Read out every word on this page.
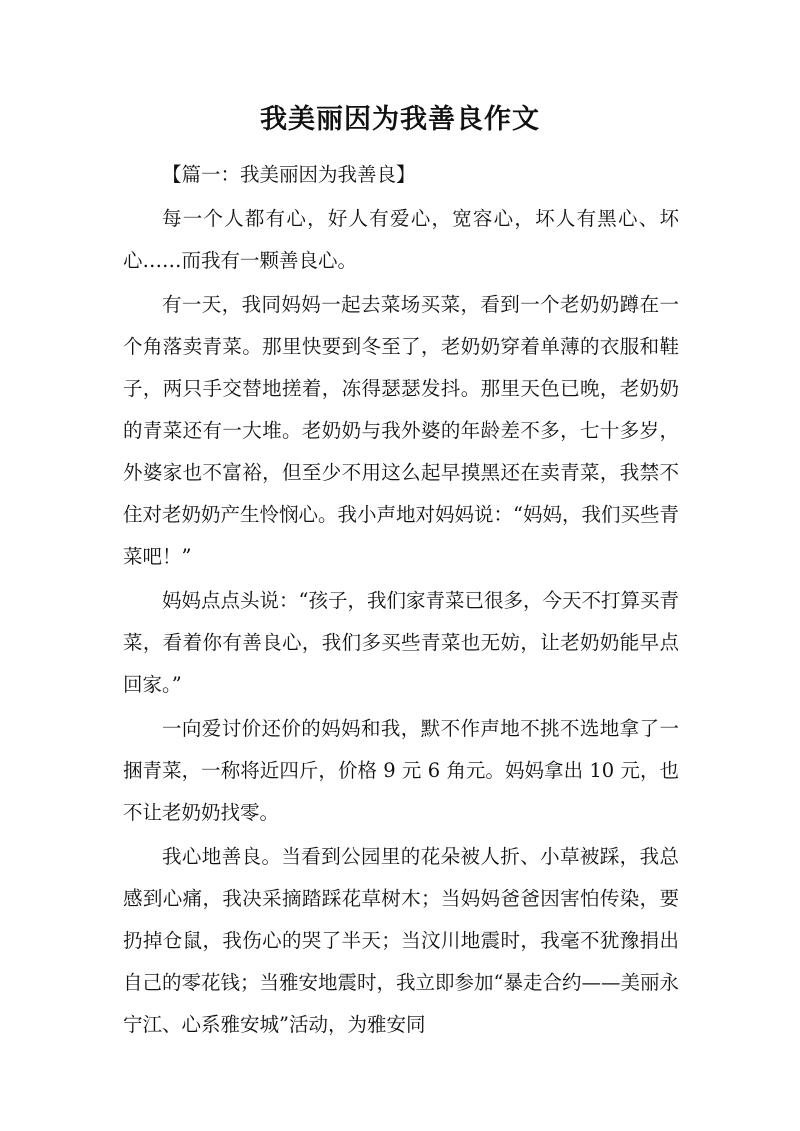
我美丽因为我善良作文

【篇一：我美丽因为我善良】

每一个人都有心，好人有爱心，宽容心，坏人有黑心、坏心……而我有一颗善良心。

有一天，我同妈妈一起去菜场买菜，看到一个老奶奶蹲在一个角落卖青菜。那里快要到冬至了，老奶奶穿着单薄的衣服和鞋子，两只手交替地搓着，冻得瑟瑟发抖。那里天色已晚，老奶奶的青菜还有一大堆。老奶奶与我外婆的年龄差不多，七十多岁，外婆家也不富裕，但至少不用这么起早摸黑还在卖青菜，我禁不住对老奶奶产生怜悯心。我小声地对妈妈说：“妈妈，我们买些青菜吧！”

妈妈点点头说：“孩子，我们家青菜已很多，今天不打算买青菜，看着你有善良心，我们多买些青菜也无妨，让老奶奶能早点回家。”

一向爱讨价还价的妈妈和我，默不作声地不挑不选地拿了一捆青菜，一称将近四斤，价格 9 元 6 角元。妈妈拿出 10 元，也不让老奶奶找零。

我心地善良。当看到公园里的花朵被人折、小草被踩，我总感到心痛，我决采摘踏踩花草树木；当妈妈爸爸因害怕传染，要扔掉仓鼠，我伤心的哭了半天；当汶川地震时，我毫不犹豫捐出自己的零花钱；当雅安地震时，我立即参加“暴走合约——美丽永宁江、心系雅安城”活动，为雅安同
